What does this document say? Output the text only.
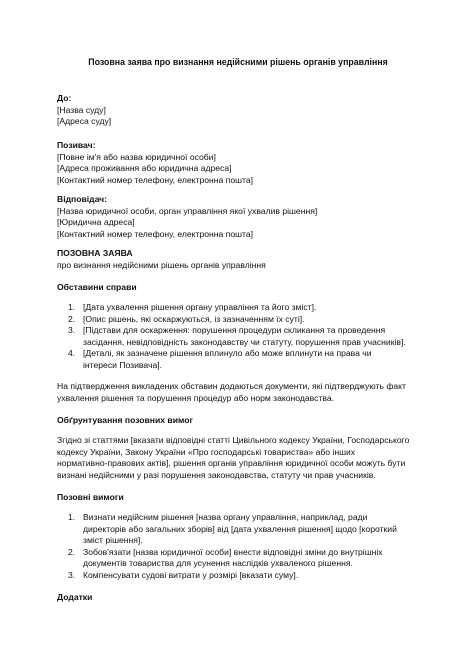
Позовна заява про визнання недійсними рішень органів управління
До:
[Назва суду]
[Адреса суду]
Позивач:
[Повне ім'я або назва юридичної особи]
[Адреса проживання або юридична адреса]
[Контактний номер телефону, електронна пошта]
Відповідач:
[Назва юридичної особи, орган управління якої ухвалив рішення]
[Юридична адреса]
[Контактний номер телефону, електронна пошта]
ПОЗОВНА ЗАЯВА
про визнання недійсними рішень органів управління
Обставини справи
1. [Дата ухвалення рішення органу управління та його зміст].
2. [Опис рішень, які оскаржуються, із зазначенням їх суті].
3. [Підстави для оскарження: порушення процедури скликання та проведення
засідання, невідповідність законодавству чи статуту, порушення прав учасників].
4. [Деталі, як зазначене рішення вплинуло або може вплинути на права чи
інтереси Позивача].
На підтвердження викладених обставин додаються документи, які підтверджують факт
ухвалення рішення та порушення процедур або норм законодавства.
Обґрунтування позовних вимог
Згідно зі статтями [вказати відповідні статті Цивільного кодексу України, Господарського
кодексу України, Закону України «Про господарські товариства» або інших
нормативно-правових актів], рішення органів управління юридичної особи можуть бути
визнані недійсними у разі порушення законодавства, статуту чи прав учасників.
Позовні вимоги
1. Визнати недійсним рішення [назва органу управління, наприклад, ради
директорів або загальних зборів] від [дата ухвалення рішення] щодо [короткий
зміст рішення].
2. Зобов'язати [назва юридичної особи] внести відповідні зміни до внутрішніх
документів товариства для усунення наслідків ухваленого рішення.
3. Компенсувати судові витрати у розмірі [вказати суму].
Додатки
